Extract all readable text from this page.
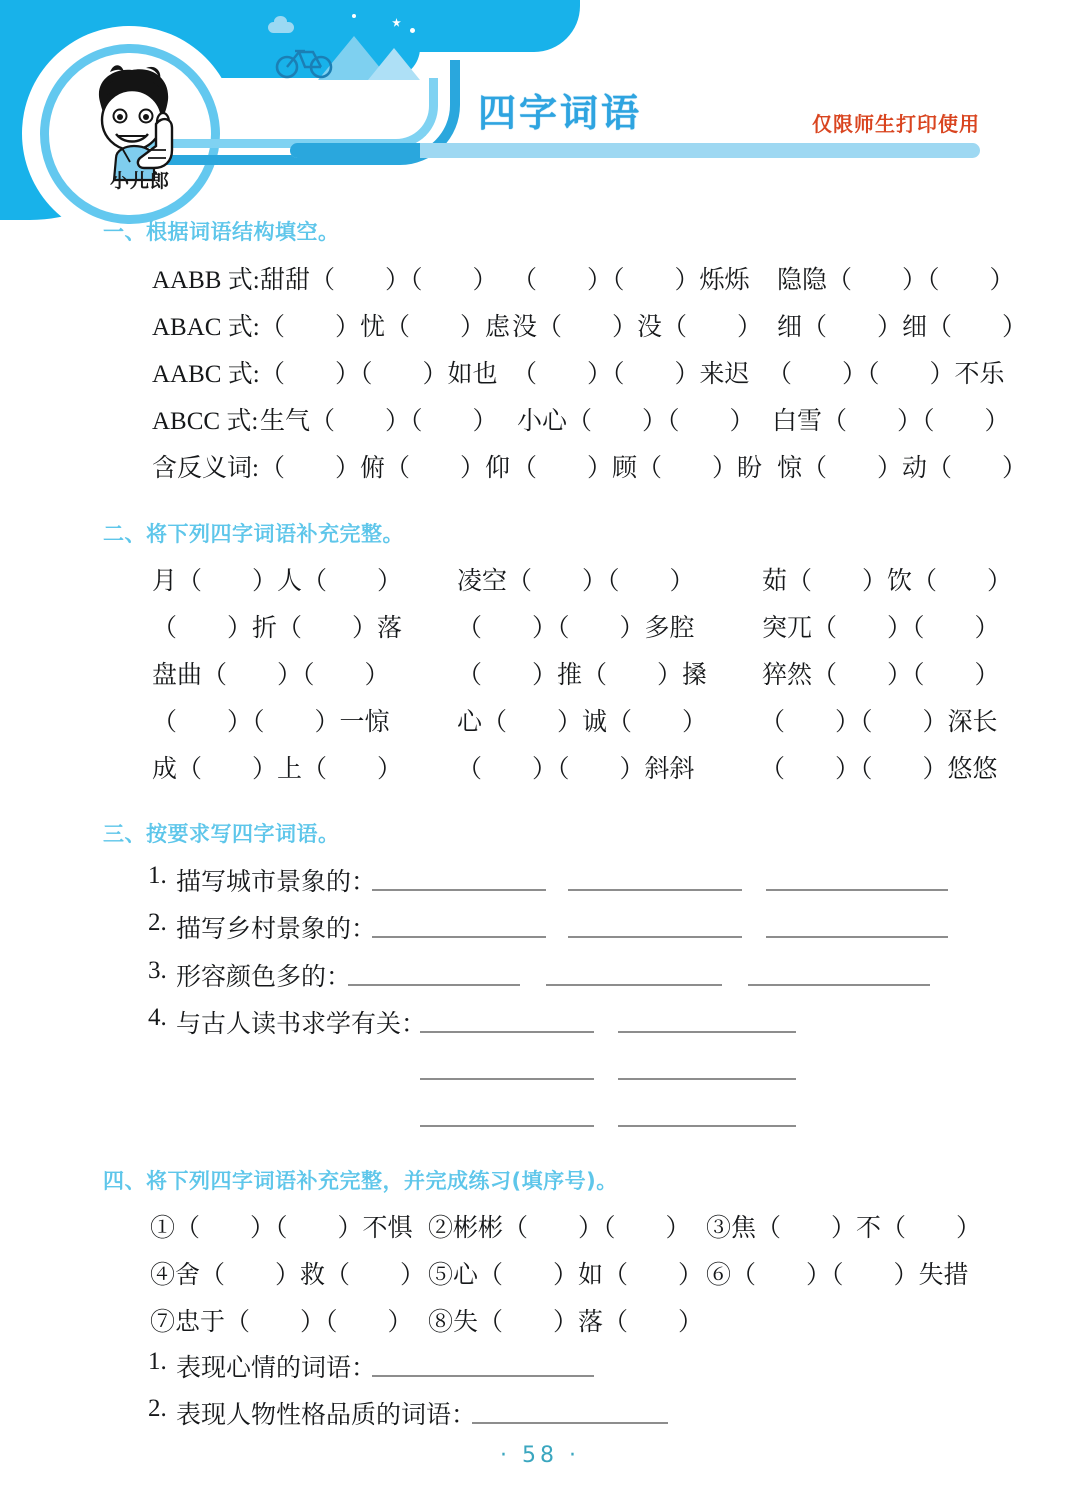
小儿郎
四字词语	仅限师生打印使用
一、根据词语结构填空。
AABB 式: 甜甜（　　）（　　） （　　）（　　）烁烁 隐隐（　　）（　　）
ABAC 式: （　　）忧（　　）虑 没（　　）没（　　） 细（　　）细（　　）
AABC 式: （　　）（　　）如也 （　　）（　　）来迟 （　　）（　　）不乐
ABCC 式: 生气（　　）（　　） 小心（　　）（　　） 白雪（　　）（　　）
含反义词: （　　）俯（　　）仰 （　　）顾（　　）盼 惊（　　）动（　　）
二、将下列四字词语补充完整。
月（　　）人（　　） 凌空（　　）（　　）	茹（　　）饮（　　）
（　　）折（　　）落 （　　）（　　）多腔	突兀（　　）（　　）
盘曲（　　）（　　）	（　　）推（　　）搡 猝然（　　）（　　）
（　　）（　　）一惊	心（　　）诚（　　） （　　）（　　）深长
成（　　）上（　　） （　　）（　　）斜斜	（　　）（　　）悠悠
三、按要求写四字词语。
1. 描写城市景象的：
2. 描写乡村景象的：
3. 形容颜色多的：
4. 与古人读书求学有关：
四、将下列四字词语补充完整，并完成练习(填序号)。
①（　　）（　　）不惧 ②彬彬（　　）（　　） ③焦（　　）不（　　）
④舍（　　）救（　　） ⑤心（　　）如（　　） ⑥（　　）（　　）失措
⑦忠于（　　）（　　） ⑧失（　　）落（　　）
1. 表现心情的词语：
2. 表现人物性格品质的词语：
· 58 ·
